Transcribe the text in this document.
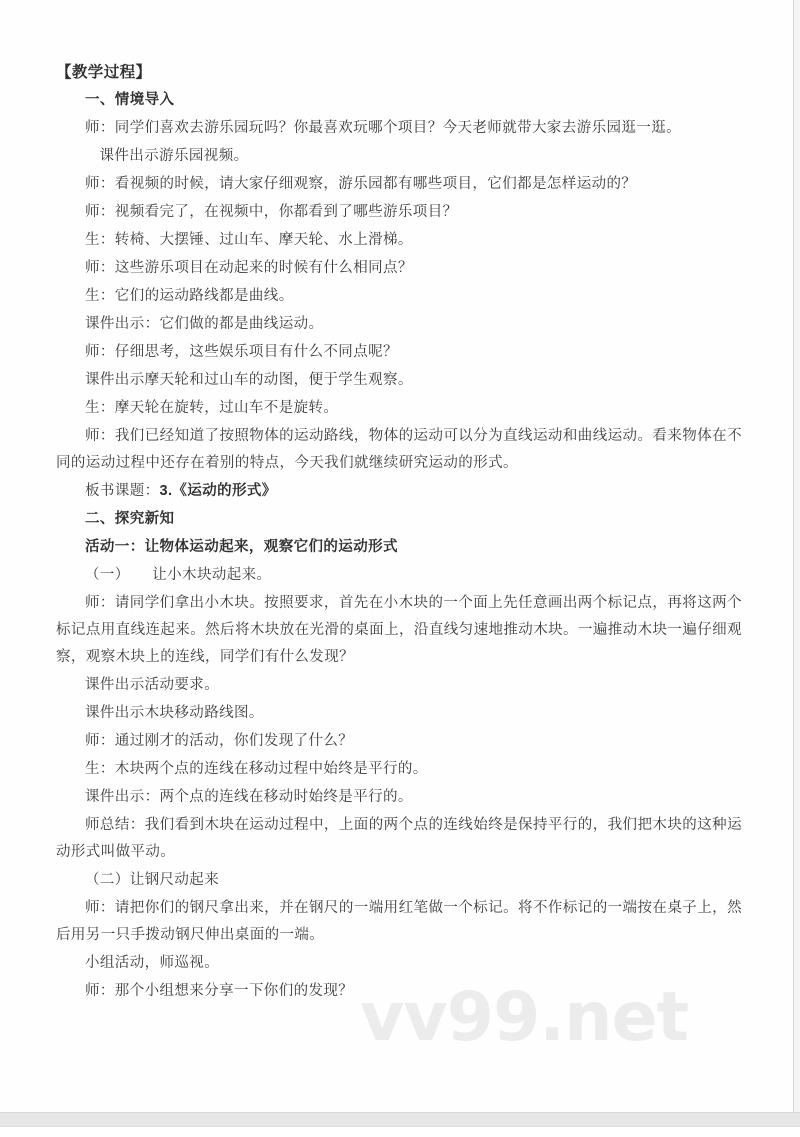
vv99.net

【教学过程】

一、情境导入

师：同学们喜欢去游乐园玩吗？你最喜欢玩哪个项目？今天老师就带大家去游乐园逛一逛。

课件出示游乐园视频。

师：看视频的时候，请大家仔细观察，游乐园都有哪些项目，它们都是怎样运动的？

师：视频看完了，在视频中，你都看到了哪些游乐项目？

生：转椅、大摆锤、过山车、摩天轮、水上滑梯。

师：这些游乐项目在动起来的时候有什么相同点？

生：它们的运动路线都是曲线。

课件出示：它们做的都是曲线运动。

师：仔细思考，这些娱乐项目有什么不同点呢？

课件出示摩天轮和过山车的动图，便于学生观察。

生：摩天轮在旋转，过山车不是旋转。

师：我们已经知道了按照物体的运动路线，物体的运动可以分为直线运动和曲线运动。看来物体在不同的运动过程中还存在着别的特点，今天我们就继续研究运动的形式。

板书课题：3.《运动的形式》

二、探究新知

活动一：让物体运动起来，观察它们的运动形式

（一）　　让小木块动起来。

师：请同学们拿出小木块。按照要求，首先在小木块的一个面上先任意画出两个标记点，再将这两个标记点用直线连起来。然后将木块放在光滑的桌面上，沿直线匀速地推动木块。一遍推动木块一遍仔细观察，观察木块上的连线，同学们有什么发现？

课件出示活动要求。

课件出示木块移动路线图。

师：通过刚才的活动，你们发现了什么？

生：木块两个点的连线在移动过程中始终是平行的。

课件出示：两个点的连线在移动时始终是平行的。

师总结：我们看到木块在运动过程中，上面的两个点的连线始终是保持平行的，我们把木块的这种运动形式叫做平动。

（二）让钢尺动起来

师：请把你们的钢尺拿出来，并在钢尺的一端用红笔做一个标记。将不作标记的一端按在桌子上，然后用另一只手拨动钢尺伸出桌面的一端。

小组活动，师巡视。

师：那个小组想来分享一下你们的发现？
